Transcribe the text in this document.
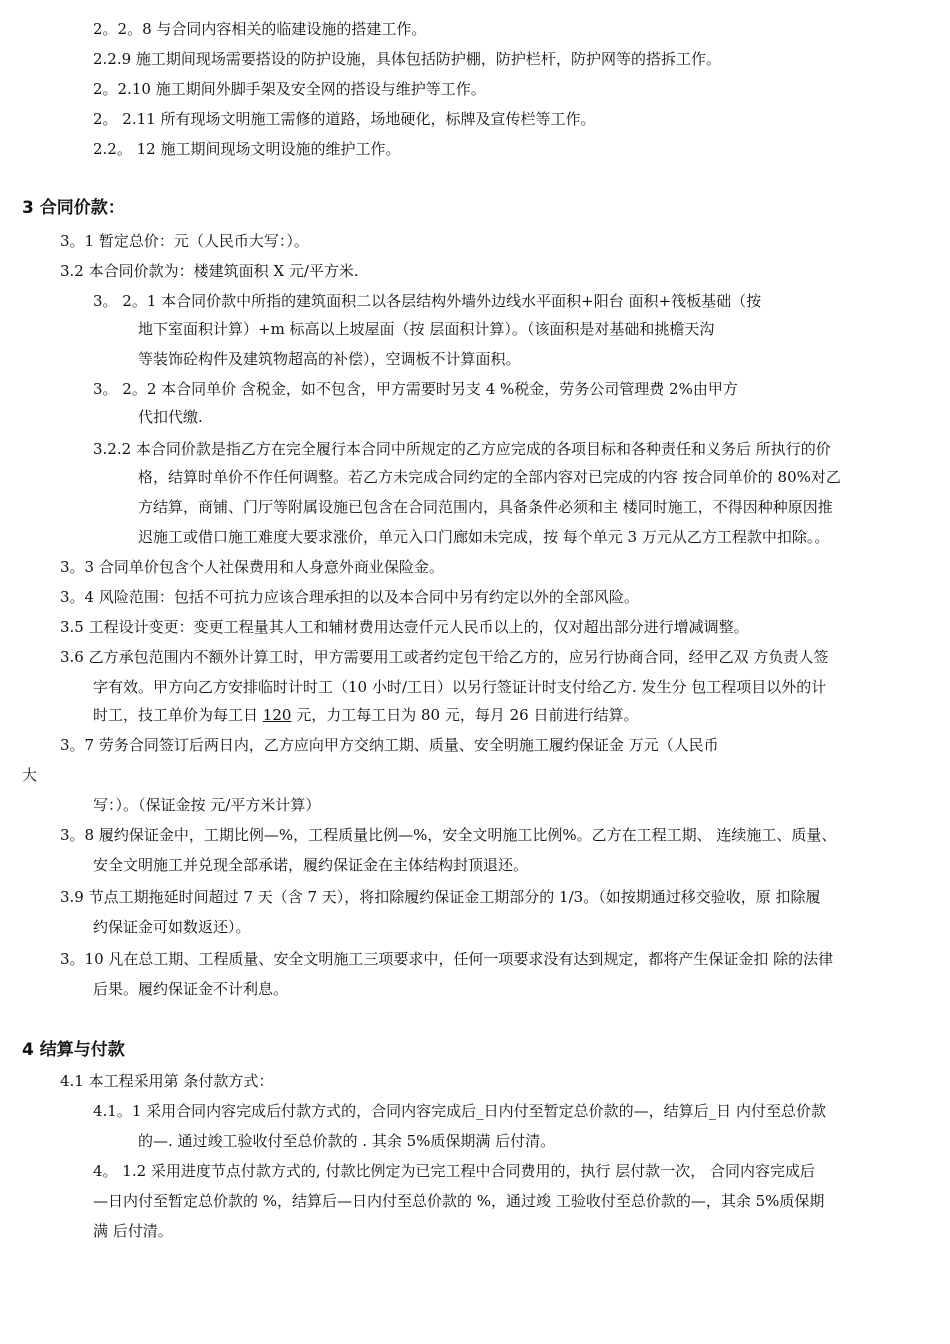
2。2。8 与合同内容相关的临建设施的搭建工作。
2.2.9 施工期间现场需要搭设的防护设施，具体包括防护棚，防护栏杆，防护网等的搭拆工作。
2。2.10 施工期间外脚手架及安全网的搭设与维护等工作。
2。 2.11 所有现场文明施工需修的道路，场地硬化，标牌及宣传栏等工作。
2.2。 12 施工期间现场文明设施的维护工作。
3 合同价款：
3。1 暂定总价：元（人民币大写：）。
3.2 本合同价款为：楼建筑面积 X 元/平方米.
3。 2。1 本合同价款中所指的建筑面积二以各层结构外墙外边线水平面积+阳台 面积+筏板基础（按
地下室面积计算）+m 标高以上坡屋面（按 层面积计算）。（该面积是对基础和挑檐天沟
等装饰砼构件及建筑物超高的补偿），空调板不计算面积。
3。 2。2 本合同单价 含税金，如不包含，甲方需要时另支 4 %税金，劳务公司管理费 2%由甲方
代扣代缴.
3.2.2 本合同价款是指乙方在完全履行本合同中所规定的乙方应完成的各项目标和各种责任和义务后 所执行的价
格，结算时单价不作任何调整。若乙方未完成合同约定的全部内容对已完成的内容 按合同单价的 80%对乙
方结算，商铺、门厅等附属设施已包含在合同范围内，具备条件必须和主 楼同时施工，不得因种种原因推
迟施工或借口施工难度大要求涨价，单元入口门廊如未完成，按 每个单元 3 万元从乙方工程款中扣除。。
3。3 合同单价包含个人社保费用和人身意外商业保险金。
3。4 风险范围：包括不可抗力应该合理承担的以及本合同中另有约定以外的全部风险。
3.5 工程设计变更：变更工程量其人工和辅材费用达壹仟元人民币以上的，仅对超出部分进行增减调整。
3.6 乙方承包范围内不额外计算工时，甲方需要用工或者约定包干给乙方的，应另行协商合同，经甲乙双 方负责人签
字有效。甲方向乙方安排临时计时工（10 小时/工日）以另行签证计时支付给乙方. 发生分 包工程项目以外的计
时工，技工单价为每工日 120 元，力工每工日为 80 元，每月 26 日前进行结算。
3。7 劳务合同签订后两日内，乙方应向甲方交纳工期、质量、安全明施工履约保证金 万元（人民币
大
写：）。（保证金按 元/平方米计算）
3。8 履约保证金中，工期比例—%，工程质量比例—%，安全文明施工比例%。乙方在工程工期、 连续施工、质量、
安全文明施工并兑现全部承诺，履约保证金在主体结构封顶退还。
3.9 节点工期拖延时间超过 7 天（含 7 天），将扣除履约保证金工期部分的 1/3。（如按期通过移交验收，原 扣除履
约保证金可如数返还）。
3。10 凡在总工期、工程质量、安全文明施工三项要求中，任何一项要求没有达到规定，都将产生保证金扣 除的法律
后果。履约保证金不计利息。
4 结算与付款
4.1 本工程采用第 条付款方式：
4.1。1 采用合同内容完成后付款方式的，合同内容完成后_日内付至暂定总价款的—，结算后_日 内付至总价款
的—. 通过竣工验收付至总价款的 . 其余 5%质保期满 后付清。
4。 1.2 采用进度节点付款方式的, 付款比例定为已完工程中合同费用的，执行 层付款一次， 合同内容完成后
—日内付至暂定总价款的 %，结算后—日内付至总价款的 %，通过竣 工验收付至总价款的—，其余 5%质保期
满 后付清。
